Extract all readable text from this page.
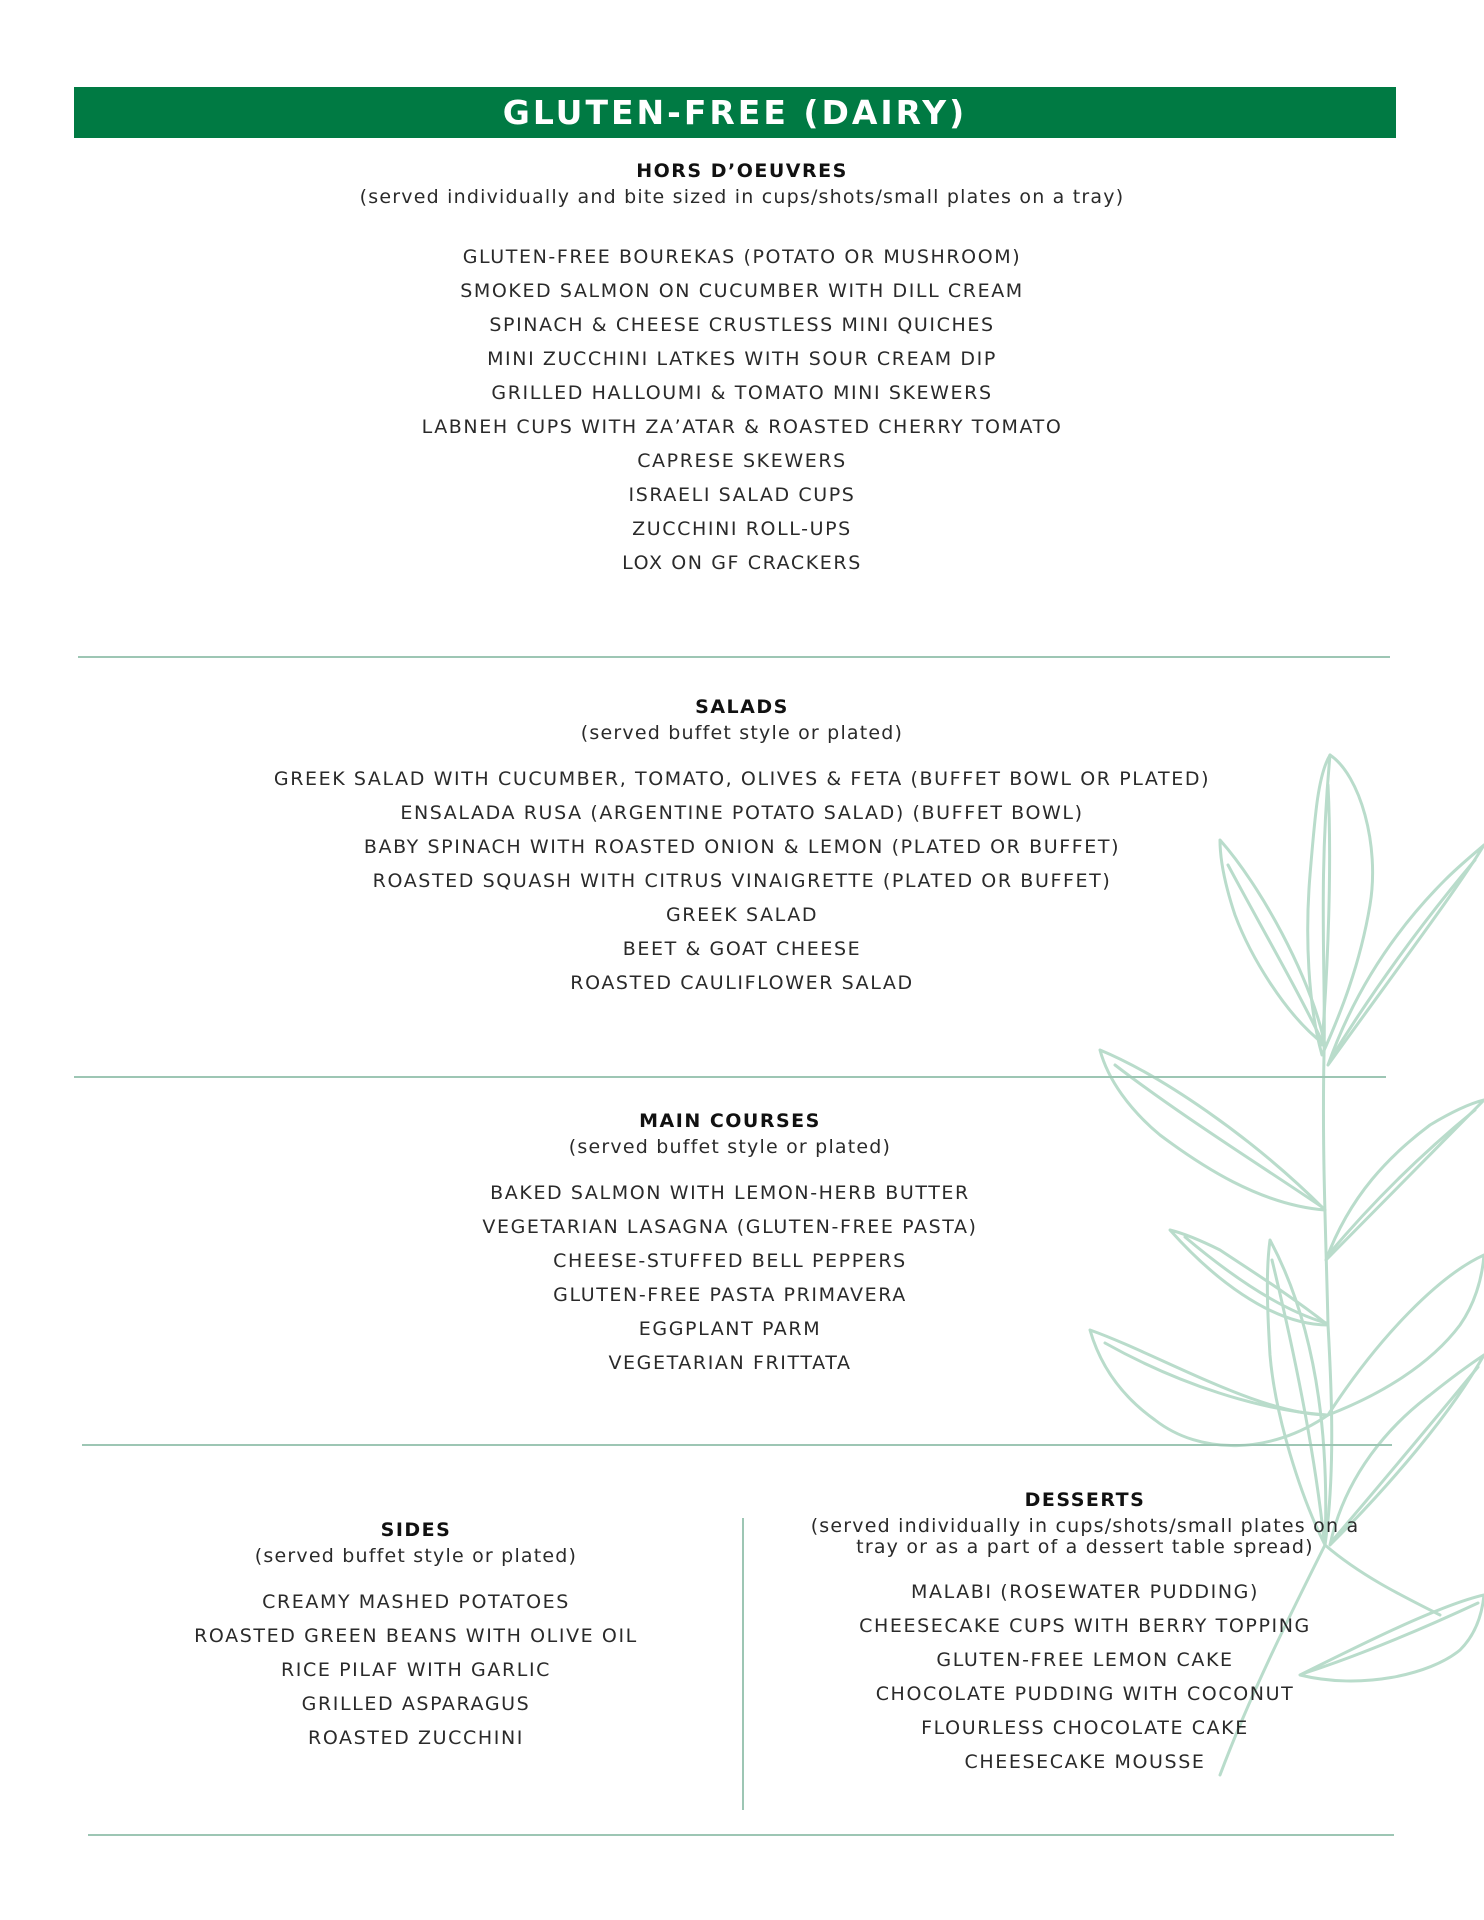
GLUTEN-FREE (DAIRY)
HORS D’OEUVRES
(served individually and bite sized in cups/shots/small plates on a tray)
GLUTEN-FREE BOUREKAS (POTATO OR MUSHROOM)
SMOKED SALMON ON CUCUMBER WITH DILL CREAM
SPINACH & CHEESE CRUSTLESS MINI QUICHES
MINI ZUCCHINI LATKES WITH SOUR CREAM DIP
GRILLED HALLOUMI & TOMATO MINI SKEWERS
LABNEH CUPS WITH ZA’ATAR & ROASTED CHERRY TOMATO
CAPRESE SKEWERS
ISRAELI SALAD CUPS
ZUCCHINI ROLL-UPS
LOX ON GF CRACKERS
SALADS
(served buffet style or plated)
GREEK SALAD WITH CUCUMBER, TOMATO, OLIVES & FETA (BUFFET BOWL OR PLATED)
ENSALADA RUSA (ARGENTINE POTATO SALAD) (BUFFET BOWL)
BABY SPINACH WITH ROASTED ONION & LEMON (PLATED OR BUFFET)
ROASTED SQUASH WITH CITRUS VINAIGRETTE (PLATED OR BUFFET)
GREEK SALAD
BEET & GOAT CHEESE
ROASTED CAULIFLOWER SALAD
MAIN COURSES
(served buffet style or plated)
BAKED SALMON WITH LEMON-HERB BUTTER
VEGETARIAN LASAGNA (GLUTEN-FREE PASTA)
CHEESE-STUFFED BELL PEPPERS
GLUTEN-FREE PASTA PRIMAVERA
EGGPLANT PARM
VEGETARIAN FRITTATA
SIDES
(served buffet style or plated)
CREAMY MASHED POTATOES
ROASTED GREEN BEANS WITH OLIVE OIL
RICE PILAF WITH GARLIC
GRILLED ASPARAGUS
ROASTED ZUCCHINI
DESSERTS
(served individually in cups/shots/small plates on a
tray or as a part of a dessert table spread)
MALABI (ROSEWATER PUDDING)
CHEESECAKE CUPS WITH BERRY TOPPING
GLUTEN-FREE LEMON CAKE
CHOCOLATE PUDDING WITH COCONUT
FLOURLESS CHOCOLATE CAKE
CHEESECAKE MOUSSE
